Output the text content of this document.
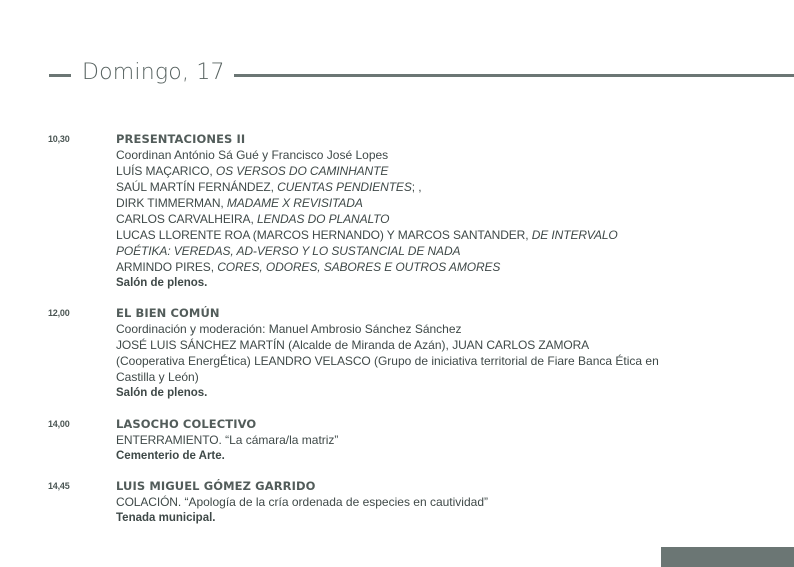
Domingo, 17
10,30	PRESENTACIONES II
Coordinan António Sá Gué y Francisco José Lopes
LUÍS MAÇARICO, OS VERSOS DO CAMINHANTE
SAÚL MARTÍN FERNÁNDEZ, CUENTAS PENDIENTES; ,
DIRK TIMMERMAN, MADAME X REVISITADA
CARLOS CARVALHEIRA, LENDAS DO PLANALTO
LUCAS LLORENTE ROA (MARCOS HERNANDO) Y MARCOS SANTANDER, DE INTERVALO
POÉTIKA: VEREDAS, AD-VERSO Y LO SUSTANCIAL DE NADA
ARMINDO PIRES, CORES, ODORES, SABORES E OUTROS AMORES
Salón de plenos.
12,00	EL BIEN COMÚN
Coordinación y moderación: Manuel Ambrosio Sánchez Sánchez
JOSÉ LUIS SÁNCHEZ MARTÍN (Alcalde de Miranda de Azán), JUAN CARLOS ZAMORA
(Cooperativa EnergÉtica) LEANDRO VELASCO (Grupo de iniciativa territorial de Fiare Banca Ética en
Castilla y León)
Salón de plenos.
14,00	LASOCHO COLECTIVO
ENTERRAMIENTO. “La cámara/la matriz”
Cementerio de Arte.
14,45	LUIS MIGUEL GÓMEZ GARRIDO
COLACIÓN. “Apología de la cría ordenada de especies en cautividad”
Tenada municipal.
